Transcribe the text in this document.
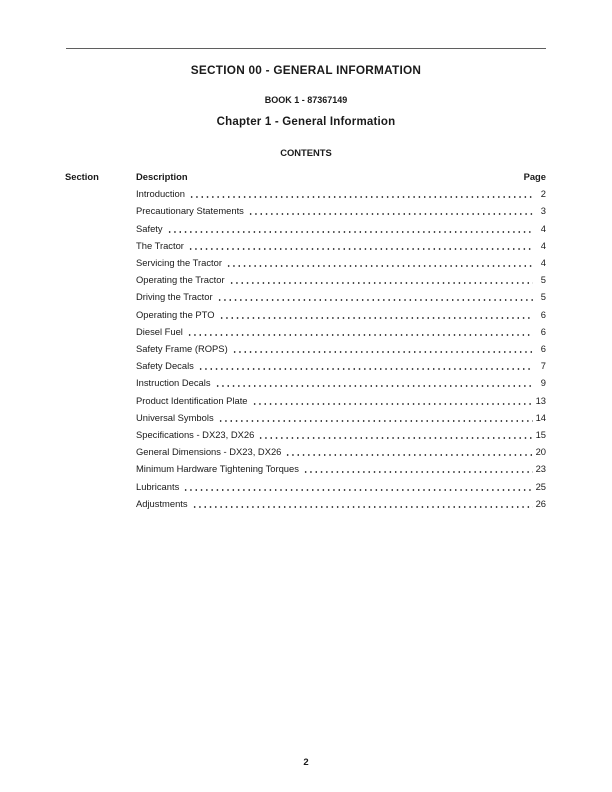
SECTION 00 - GENERAL INFORMATION
BOOK 1 - 87367149
Chapter 1 - General Information
CONTENTS
Section	Description	Page
Introduction	2
Precautionary Statements	3
Safety	4
The Tractor	4
Servicing the Tractor	4
Operating the Tractor	5
Driving the Tractor	5
Operating the PTO	6
Diesel Fuel	6
Safety Frame (ROPS)	6
Safety Decals	7
Instruction Decals	9
Product Identification Plate	13
Universal Symbols	14
Specifications - DX23, DX26	15
General Dimensions - DX23, DX26	20
Minimum Hardware Tightening Torques	23
Lubricants	25
Adjustments	26
2
